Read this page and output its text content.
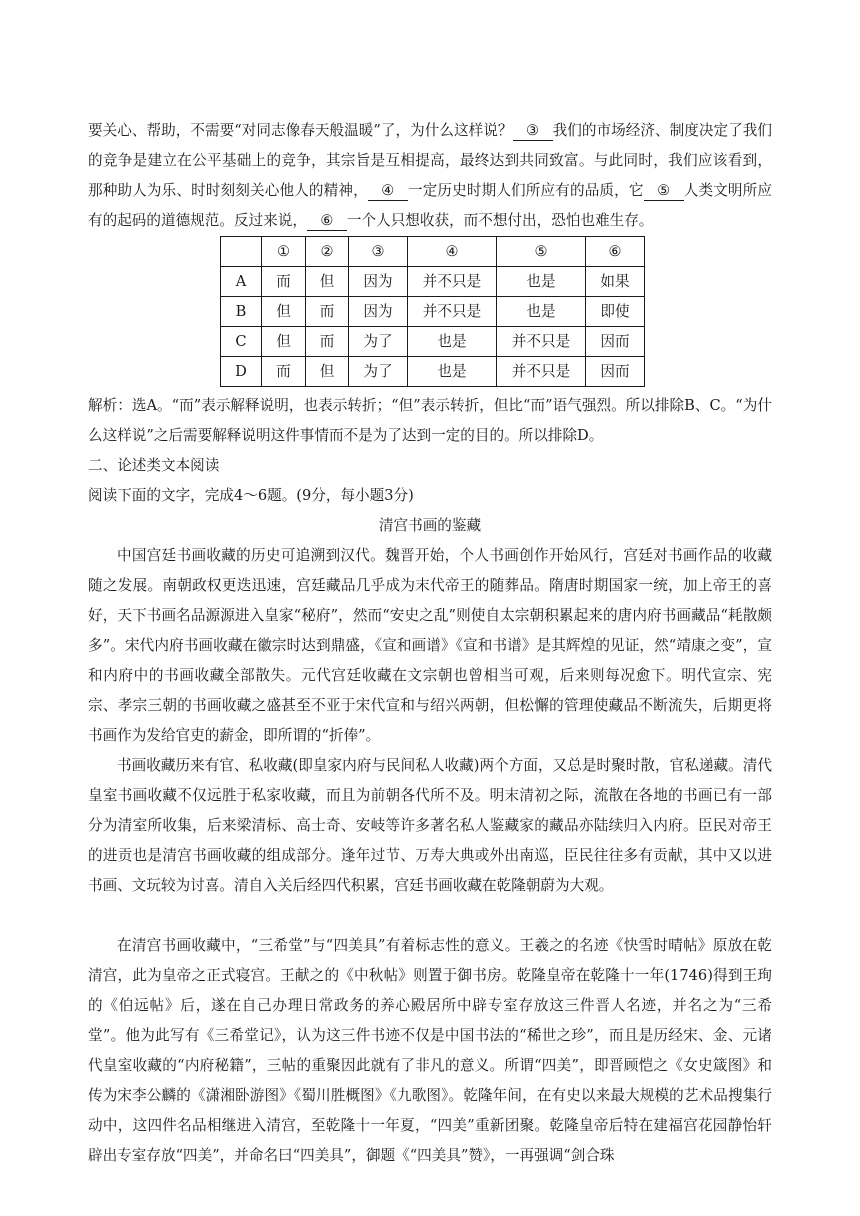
要关心、帮助，不需要“对同志像春天般温暖”了，为什么这样说？ ③ 我们的市场经济、制度决定了我们的竞争是建立在公平基础上的竞争，其宗旨是互相提高，最终达到共同致富。与此同时，我们应该看到，那种助人为乐、时时刻刻关心他人的精神， ④ 一定历史时期人们所应有的品质，它 ⑤ 人类文明所应有的起码的道德规范。反过来说， ⑥ 一个人只想收获，而不想付出，恐怕也难生存。

	①	②	③	④	⑤	⑥
A	而	但	因为	并不只是	也是	如果
B	但	而	因为	并不只是	也是	即使
C	但	而	为了	也是	并不只是	因而
D	而	但	为了	也是	并不只是	因而

解析：选A。“而”表示解释说明，也表示转折；“但”表示转折，但比“而”语气强烈。所以排除B、C。“为什么这样说”之后需要解释说明这件事情而不是为了达到一定的目的。所以排除D。

二、论述类文本阅读

阅读下面的文字，完成4～6题。(9分，每小题3分)

清宫书画的鉴藏

中国宫廷书画收藏的历史可追溯到汉代。魏晋开始，个人书画创作开始风行，宫廷对书画作品的收藏随之发展。南朝政权更迭迅速，宫廷藏品几乎成为末代帝王的随葬品。隋唐时期国家一统，加上帝王的喜好，天下书画名品源源进入皇家“秘府”，然而“安史之乱”则使自太宗朝积累起来的唐内府书画藏品“耗散颇多”。宋代内府书画收藏在徽宗时达到鼎盛，《宣和画谱》《宣和书谱》是其辉煌的见证，然“靖康之变”，宣和内府中的书画收藏全部散失。元代宫廷收藏在文宗朝也曾相当可观，后来则每况愈下。明代宣宗、宪宗、孝宗三朝的书画收藏之盛甚至不亚于宋代宣和与绍兴两朝，但松懈的管理使藏品不断流失，后期更将书画作为发给官吏的薪金，即所谓的“折俸”。

书画收藏历来有官、私收藏(即皇家内府与民间私人收藏)两个方面，又总是时聚时散，官私递藏。清代皇室书画收藏不仅远胜于私家收藏，而且为前朝各代所不及。明末清初之际，流散在各地的书画已有一部分为清室所收集，后来梁清标、高士奇、安岐等许多著名私人鉴藏家的藏品亦陆续归入内府。臣民对帝王的进贡也是清宫书画收藏的组成部分。逢年过节、万寿大典或外出南巡，臣民往往多有贡献，其中又以进书画、文玩较为讨喜。清自入关后经四代积累，宫廷书画收藏在乾隆朝蔚为大观。

在清宫书画收藏中，“三希堂”与“四美具”有着标志性的意义。王羲之的名迹《快雪时晴帖》原放在乾清宫，此为皇帝之正式寝宫。王献之的《中秋帖》则置于御书房。乾隆皇帝在乾隆十一年(1746)得到王珣的《伯远帖》后，遂在自己办理日常政务的养心殿居所中辟专室存放这三件晋人名迹，并名之为“三希堂”。他为此写有《三希堂记》，认为这三件书迹不仅是中国书法的“稀世之珍”，而且是历经宋、金、元诸代皇室收藏的“内府秘籍”，三帖的重聚因此就有了非凡的意义。所谓“四美”，即晋顾恺之《女史箴图》和传为宋李公麟的《潇湘卧游图》《蜀川胜概图》《九歌图》。乾隆年间，在有史以来最大规模的艺术品搜集行动中，这四件名品相继进入清宫，至乾隆十一年夏，“四美”重新团聚。乾隆皇帝后特在建福宫花园静怡轩辟出专室存放“四美”，并命名曰“四美具”，御题《“四美具”赞》，一再强调“剑合珠
